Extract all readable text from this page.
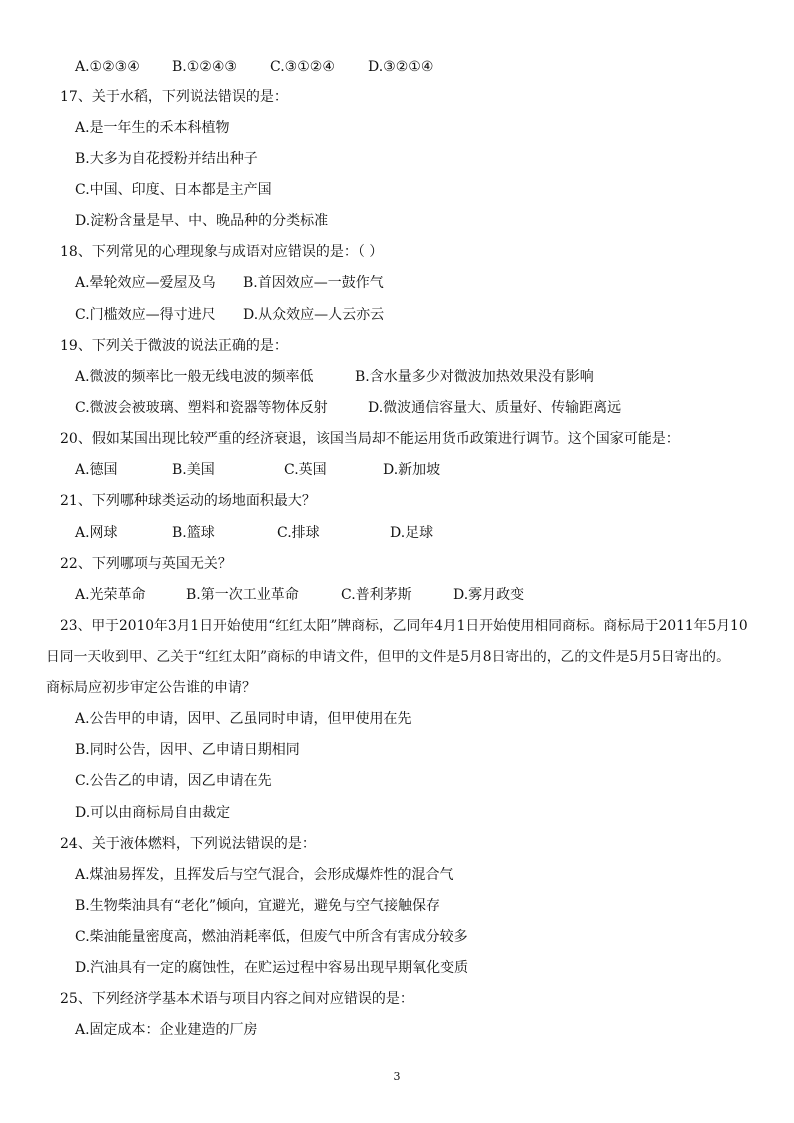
A.①②③④ B.①②④③ C.③①②④ D.③②①④
17、关于水稻，下列说法错误的是：
A.是一年生的禾本科植物
B.大多为自花授粉并结出种子
C.中国、印度、日本都是主产国
D.淀粉含量是早、中、晚品种的分类标准
18、下列常见的心理现象与成语对应错误的是：（ ）
A.晕轮效应—爱屋及乌 B.首因效应—一鼓作气
C.门槛效应—得寸进尺 D.从众效应—人云亦云
19、下列关于微波的说法正确的是：
A.微波的频率比一般无线电波的频率低	B.含水量多少对微波加热效果没有影响
C.微波会被玻璃、塑料和瓷器等物体反射	D.微波通信容量大、质量好、传输距离远
20、假如某国出现比较严重的经济衰退，该国当局却不能运用货币政策进行调节。这个国家可能是：
A.德国	B.美国	C.英国	D.新加坡
21、下列哪种球类运动的场地面积最大？
A.网球	B.篮球	C.排球	D.足球
22、下列哪项与英国无关？
A.光荣革命	B.第一次工业革命	C.普利茅斯	D.雾月政变
23、甲于2010年3月1日开始使用“红红太阳”牌商标，乙同年4月1日开始使用相同商标。商标局于2011年5月10
日同一天收到甲、乙关于“红红太阳”商标的申请文件，但甲的文件是5月8日寄出的，乙的文件是5月5日寄出的。
商标局应初步审定公告谁的申请？
A.公告甲的申请，因甲、乙虽同时申请，但甲使用在先
B.同时公告，因甲、乙申请日期相同
C.公告乙的申请，因乙申请在先
D.可以由商标局自由裁定
24、关于液体燃料，下列说法错误的是：
A.煤油易挥发，且挥发后与空气混合，会形成爆炸性的混合气
B.生物柴油具有“老化”倾向，宜避光，避免与空气接触保存
C.柴油能量密度高，燃油消耗率低，但废气中所含有害成分较多
D.汽油具有一定的腐蚀性，在贮运过程中容易出现早期氧化变质
25、下列经济学基本术语与项目内容之间对应错误的是：
A.固定成本：企业建造的厂房
3
